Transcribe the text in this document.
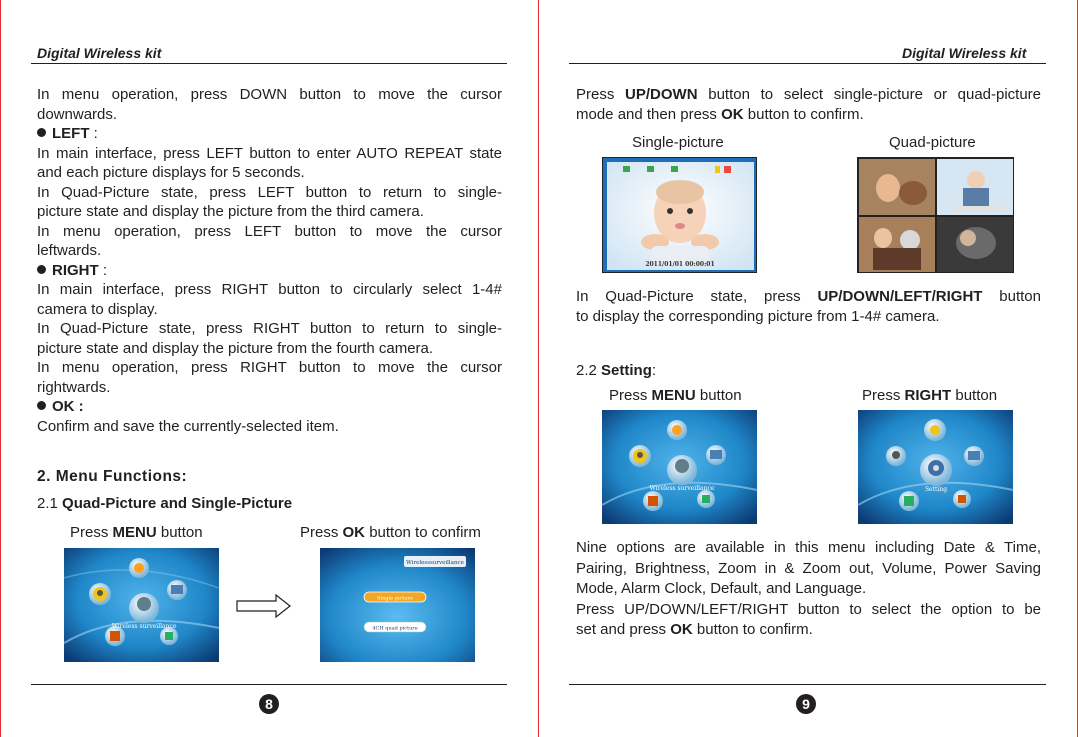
Digital Wireless kit
In menu operation, press DOWN button to move the cursor
downwards.
LEFT :
In main interface, press LEFT button to enter AUTO REPEAT state
and each picture displays for 5 seconds.
In Quad-Picture state, press LEFT button to return to single-
picture state and display the picture from the third camera.
In menu operation, press LEFT button to move the cursor
leftwards.
RIGHT :
In main interface, press RIGHT button to circularly select 1-4#
camera to display.
In Quad-Picture state, press RIGHT button to return to single-
picture state and display the picture from the fourth camera.
In menu operation, press RIGHT button to move the cursor
rightwards.
OK :
Confirm and save the currently-selected item.
2. Menu Functions:
2.1 Quad-Picture and Single-Picture
Press MENU button	Press OK button to confirm
Wireless surveillance
Wirelesssurveillance
Single picture
4CH quad picture
8
Digital Wireless kit
Press UP/DOWN button to select single-picture or quad-picture
mode and then press OK button to confirm.
Single-picture	Quad-picture
2011/01/01 00:00:01
In Quad-Picture state, press UP/DOWN/LEFT/RIGHT button
to display the corresponding picture from 1-4# camera.
2.2 Setting:
Press MENU button	Press RIGHT button
Wireless surveillance	Setting
Nine options are available in this menu including Date & Time,
Pairing, Brightness, Zoom in & Zoom out, Volume, Power Saving
Mode, Alarm Clock, Default, and Language.
Press UP/DOWN/LEFT/RIGHT button to select the option to be
set and press OK button to confirm.
9
